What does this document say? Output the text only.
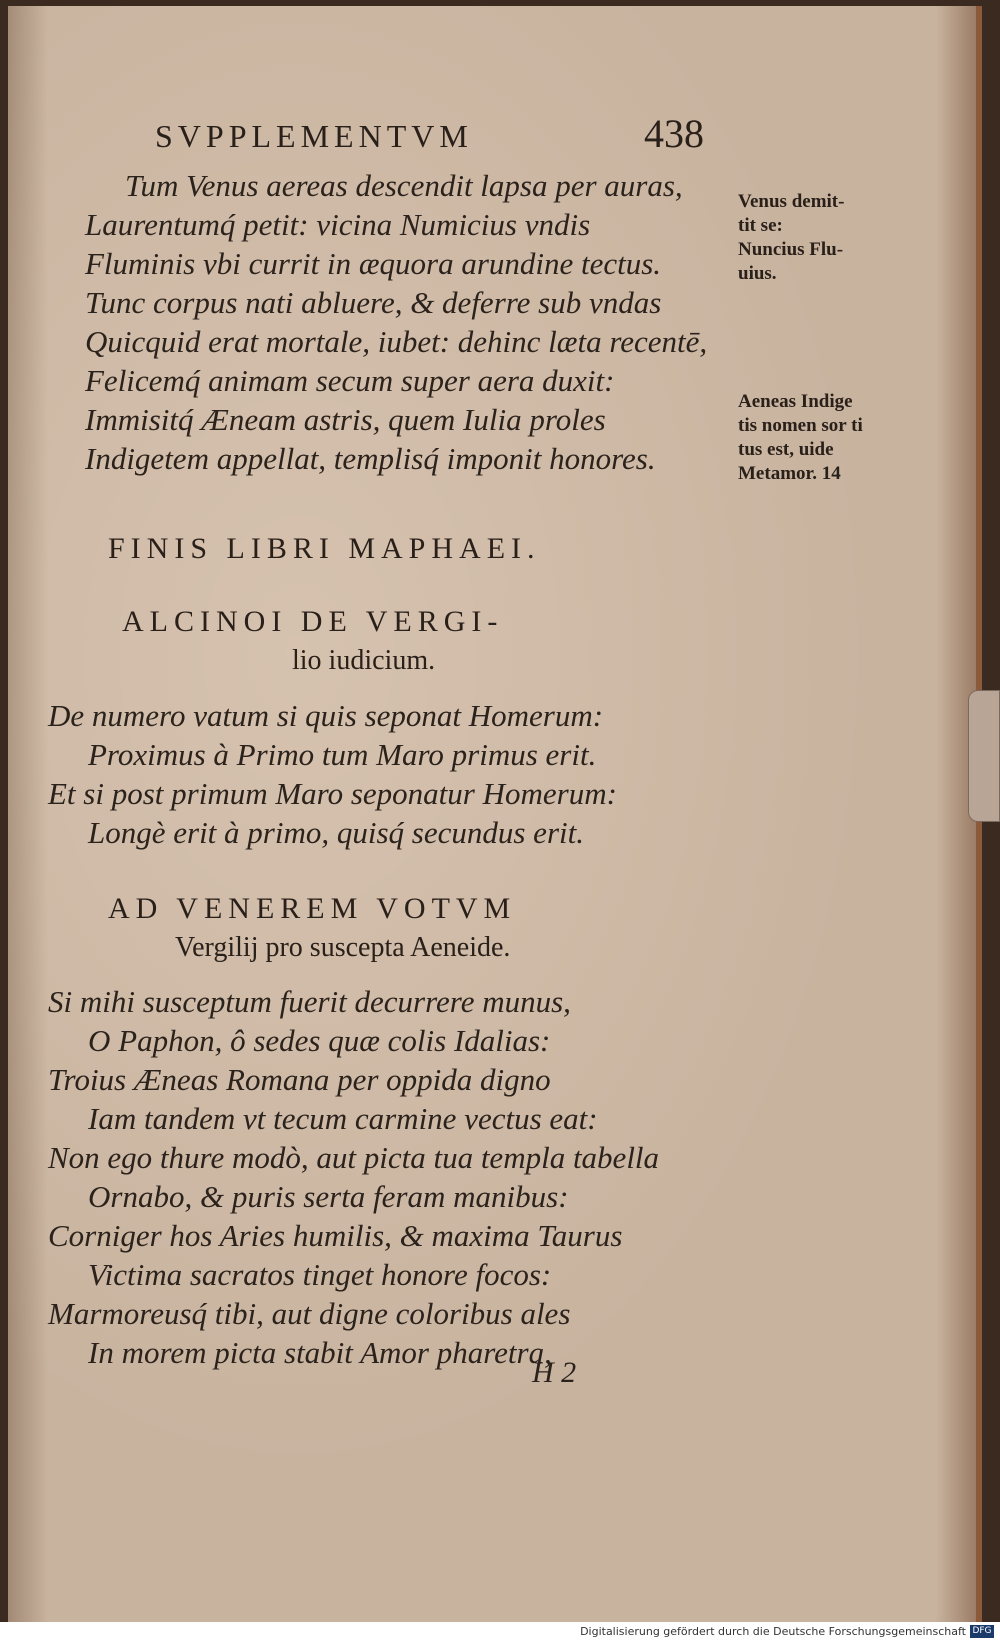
SVPPLEMENTVM	438
Tum Venus aereas descendit lapsa per auras,
Laurentumq́ petit: vicina Numicius vndis
Fluminis vbi currit in æquora arundine tectus.
Tunc corpus nati abluere, & deferre sub vndas
Quicquid erat mortale, iubet: dehinc læta recentē,
Felicemq́ animam secum super aera duxit:
Immisitq́ Æneam astris, quem Iulia proles
Indigetem appellat, templisq́ imponit honores.
Venus demit-
tit se:
Nuncius Flu-
uius.
Aeneas Indige
tis nomen sor ti
tus est, uide
Metamor. 14
FINIS LIBRI MAPHAEI.
ALCINOI DE VERGI-
lio iudicium.
De numero vatum si quis seponat Homerum:
Proximus à Primo tum Maro primus erit.
Et si post primum Maro seponatur Homerum:
Longè erit à primo, quisq́ secundus erit.
AD VENEREM VOTVM
Vergilij pro suscepta Aeneide.
Si mihi susceptum fuerit decurrere munus,
O Paphon, ô sedes quæ colis Idalias:
Troius Æneas Romana per oppida digno
Iam tandem vt tecum carmine vectus eat:
Non ego thure modò, aut picta tua templa tabella
Ornabo, & puris serta feram manibus:
Corniger hos Aries humilis, & maxima Taurus
Victima sacratos tinget honore focos:
Marmoreusq́ tibi, aut digne coloribus ales
In morem picta stabit Amor pharetra,
H 2
Digitalisierung gefördert durch die Deutsche Forschungsgemeinschaft DFG
